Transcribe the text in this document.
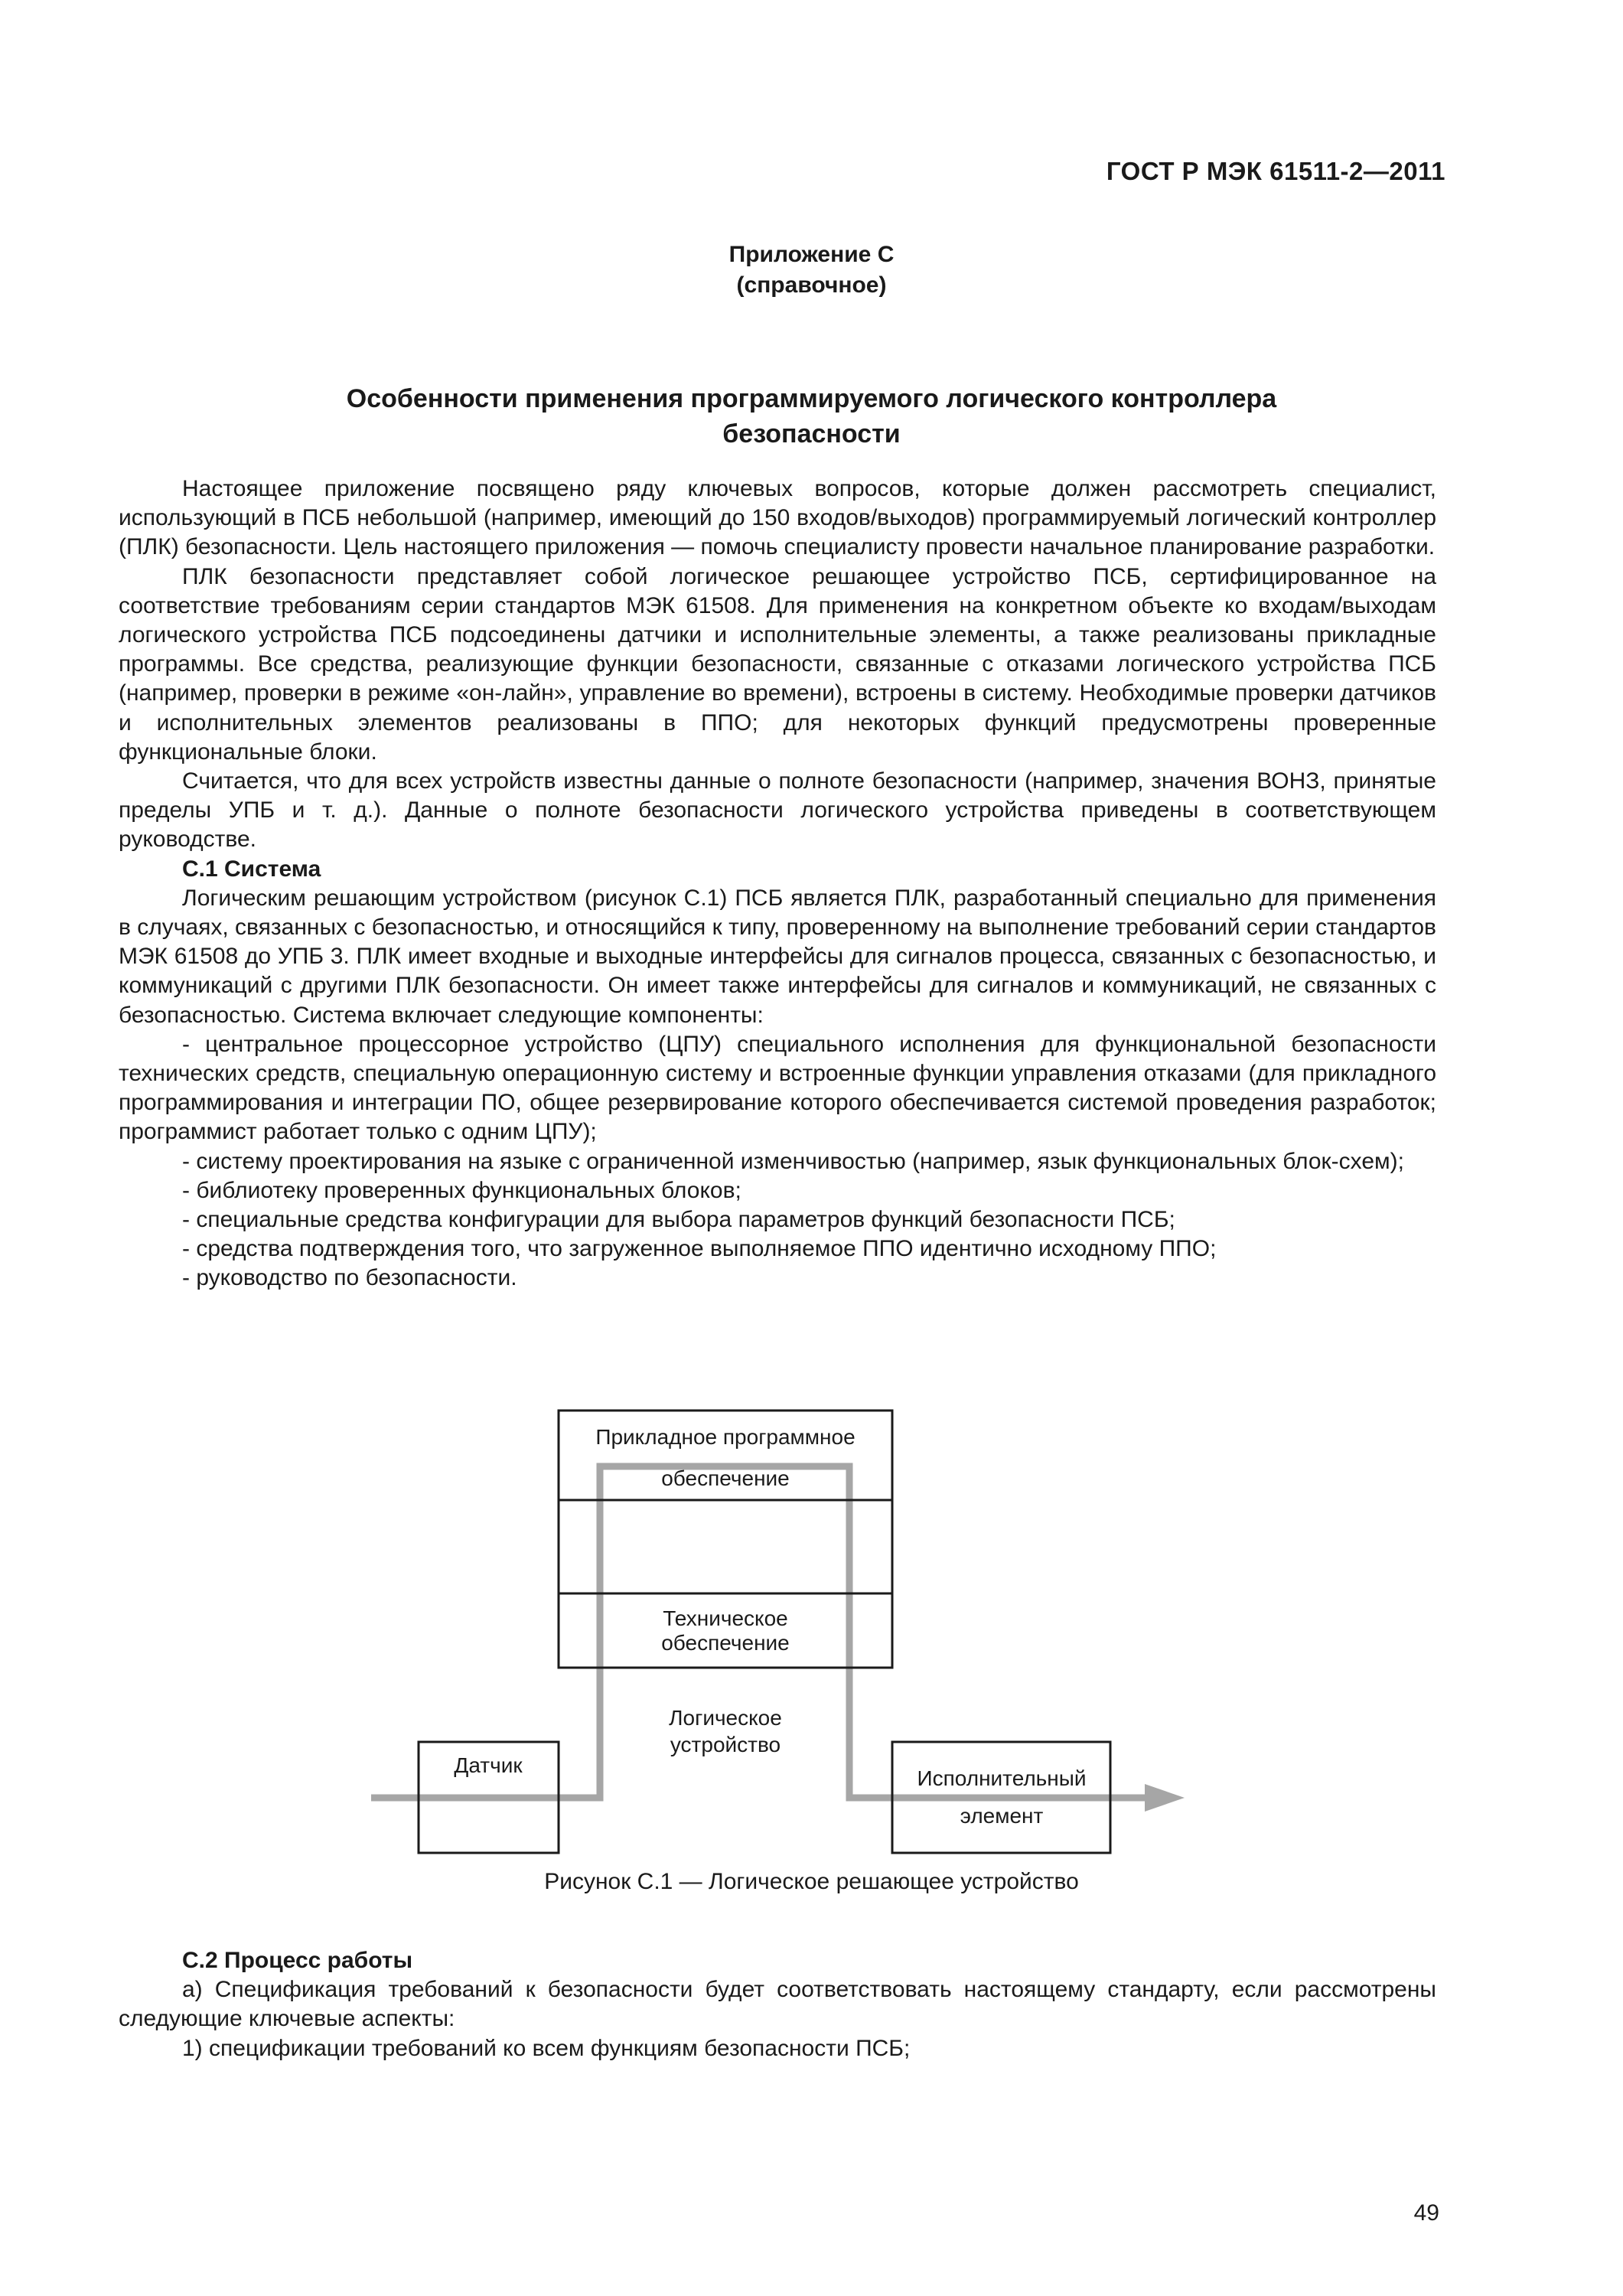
ГОСТ Р МЭК 61511-2—2011
Приложение С
(справочное)
Особенности применения программируемого логического контроллера
безопасности

Настоящее приложение посвящено ряду ключевых вопросов, которые должен рассмотреть специалист, использующий в ПСБ небольшой (например, имеющий до 150 входов/выходов) программируемый логический контроллер (ПЛК) безопасности. Цель настоящего приложения — помочь специалисту провести начальное планирование разработки.

ПЛК безопасности представляет собой логическое решающее устройство ПСБ, сертифицированное на соответствие требованиям серии стандартов МЭК 61508. Для применения на конкретном объекте ко входам/выходам логического устройства ПСБ подсоединены датчики и исполнительные элементы, а также реализованы прикладные программы. Все средства, реализующие функции безопасности, связанные с отказами логического устройства ПСБ (например, проверки в режиме «он-лайн», управление во времени), встроены в систему. Необходимые проверки датчиков и исполнительных элементов реализованы в ППО; для некоторых функций предусмотрены проверенные функциональные блоки.

Считается, что для всех устройств известны данные о полноте безопасности (например, значения ВОНЗ, принятые пределы УПБ и т. д.). Данные о полноте безопасности логического устройства приведены в соответствующем руководстве.

С.1 Система

Логическим решающим устройством (рисунок С.1) ПСБ является ПЛК, разработанный специально для применения в случаях, связанных с безопасностью, и относящийся к типу, проверенному на выполнение требований серии стандартов МЭК 61508 до УПБ 3. ПЛК имеет входные и выходные интерфейсы для сигналов процесса, связанных с безопасностью, и коммуникаций с другими ПЛК безопасности. Он имеет также интерфейсы для сигналов и коммуникаций, не связанных с безопасностью. Система включает следующие компоненты:

- центральное процессорное устройство (ЦПУ) специального исполнения для функциональной безопасности технических средств, специальную операционную систему и встроенные функции управления отказами (для прикладного программирования и интеграции ПО, общее резервирование которого обеспечивается системой проведения разработок; программист работает только с одним ЦПУ);

- систему проектирования на языке с ограниченной изменчивостью (например, язык функциональных блок-схем);

- библиотеку проверенных функциональных блоков;

- специальные средства конфигурации для выбора параметров функций безопасности ПСБ;

- средства подтверждения того, что загруженное выполняемое ППО идентично исходному ППО;

- руководство по безопасности.

Прикладное программное
обеспечение
Техническое
обеспечение
Логическое
устройство
Датчик
Исполнительный
элемент
Рисунок С.1 — Логическое решающее устройство

С.2 Процесс работы

а) Спецификация требований к безопасности будет соответствовать настоящему стандарту, если рассмотрены следующие ключевые аспекты:

1) спецификации требований ко всем функциям безопасности ПСБ;

49
